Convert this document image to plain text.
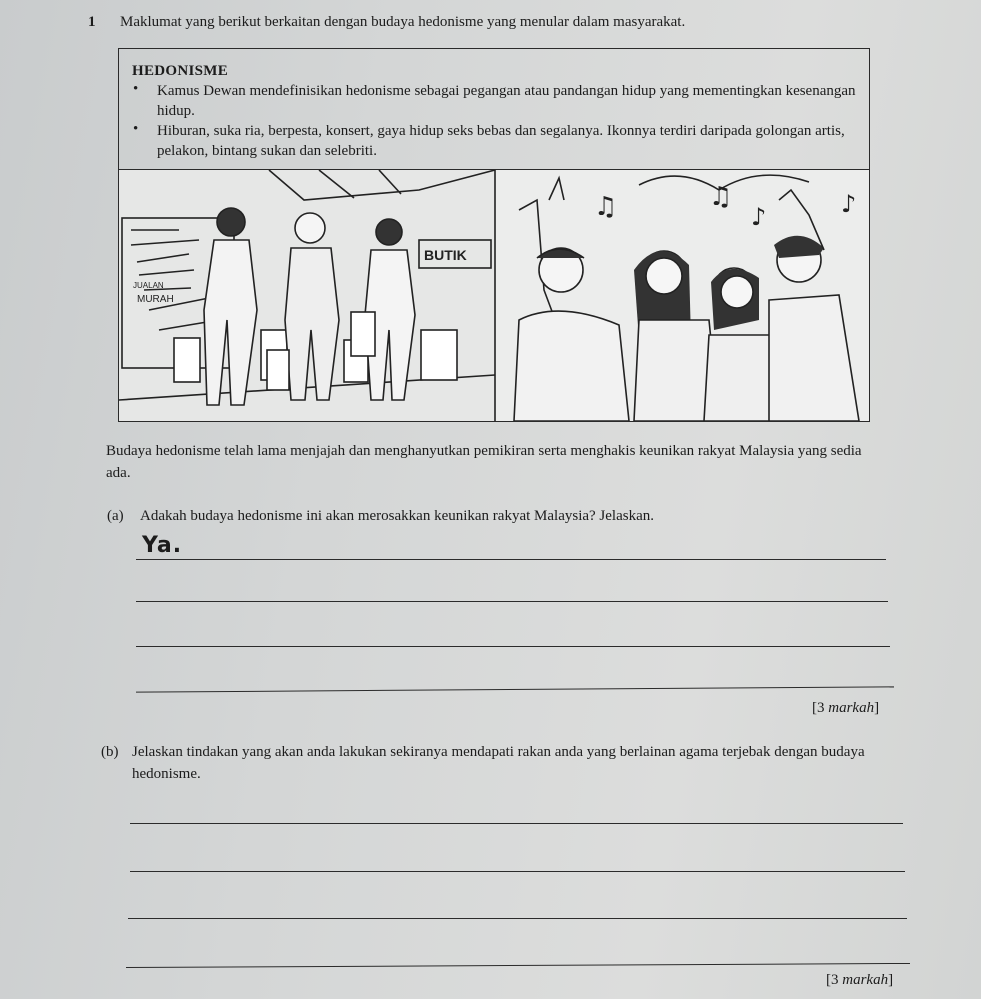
1 Maklumat yang berikut berkaitan dengan budaya hedonisme yang menular dalam masyarakat.
HEDONISME
• Kamus Dewan mendefinisikan hedonisme sebagai pegangan atau pandangan hidup yang mementingkan kesenangan hidup.
• Hiburan, suka ria, berpesta, konsert, gaya hidup seks bebas dan segalanya. Ikonnya terdiri daripada golongan artis, pelakon, bintang sukan dan selebriti.
BUTIK
JUALAN
MURAH
♫	♫
♪	♪
Budaya hedonisme telah lama menjajah dan menghanyutkan pemikiran serta menghakis keunikan rakyat Malaysia yang sedia ada.
(a) Adakah budaya hedonisme ini akan merosakkan keunikan rakyat Malaysia? Jelaskan.
Ya.
[3 markah]
(b) Jelaskan tindakan yang akan anda lakukan sekiranya mendapati rakan anda yang berlainan agama terjebak dengan budaya hedonisme.
[3 markah]
